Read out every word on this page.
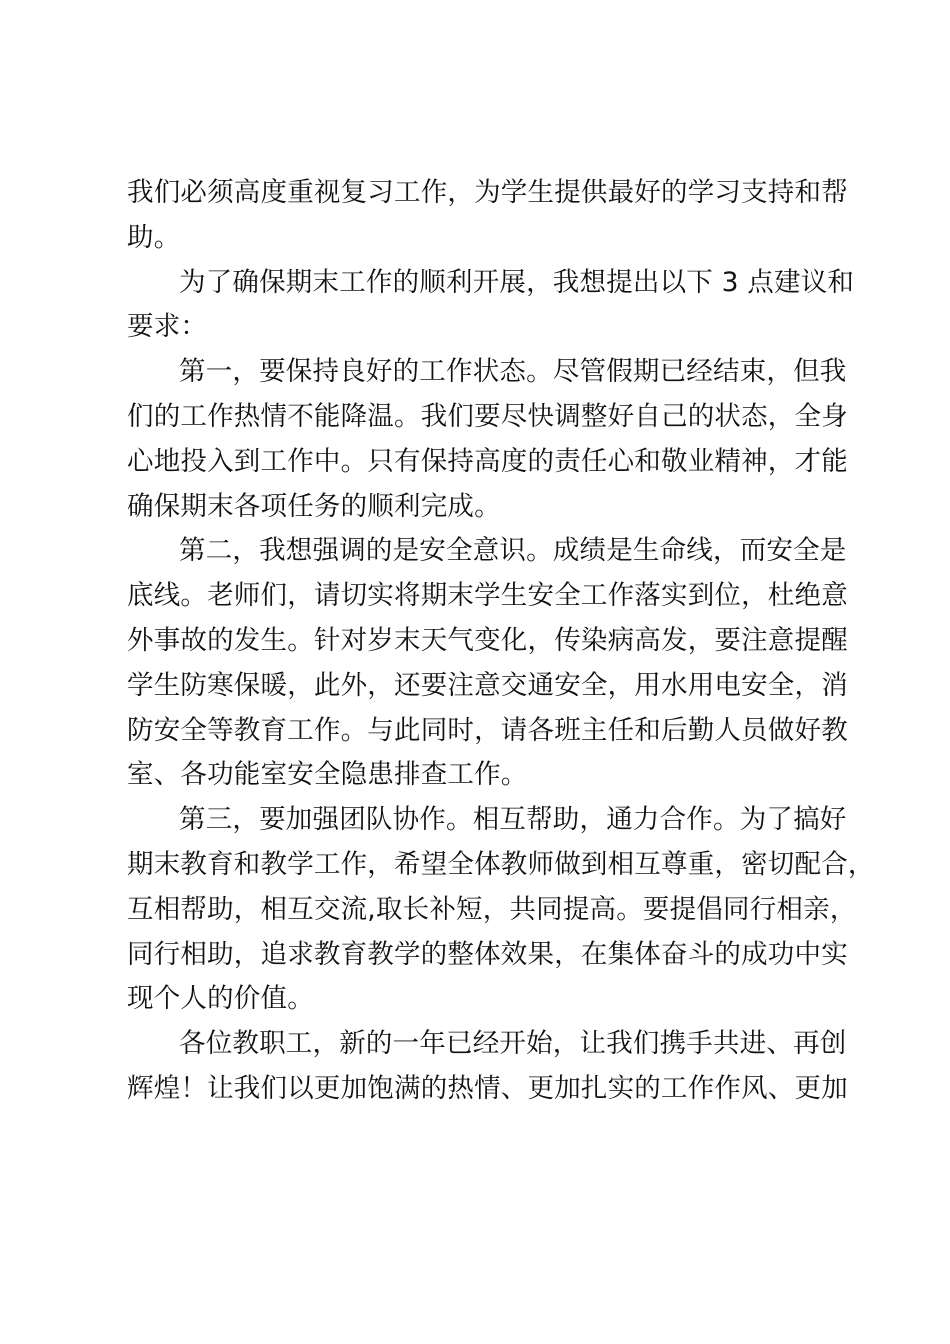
我们必须高度重视复习工作，为学生提供最好的学习支持和帮
助。
为了确保期末工作的顺利开展，我想提出以下 3 点建议和
要求：
第一，要保持良好的工作状态。尽管假期已经结束，但我
们的工作热情不能降温。我们要尽快调整好自己的状态，全身
心地投入到工作中。只有保持高度的责任心和敬业精神，才能
确保期末各项任务的顺利完成。
第二，我想强调的是安全意识。成绩是生命线，而安全是
底线。老师们，请切实将期末学生安全工作落实到位，杜绝意
外事故的发生。针对岁末天气变化，传染病高发，要注意提醒
学生防寒保暖，此外，还要注意交通安全，用水用电安全，消
防安全等教育工作。与此同时，请各班主任和后勤人员做好教
室、各功能室安全隐患排查工作。
第三，要加强团队协作。相互帮助，通力合作。为了搞好
期末教育和教学工作，希望全体教师做到相互尊重，密切配合，
互相帮助，相互交流,取长补短，共同提高。要提倡同行相亲，
同行相助，追求教育教学的整体效果，在集体奋斗的成功中实
现个人的价值。
各位教职工，新的一年已经开始，让我们携手共进、再创
辉煌！让我们以更加饱满的热情、更加扎实的工作作风、更加
